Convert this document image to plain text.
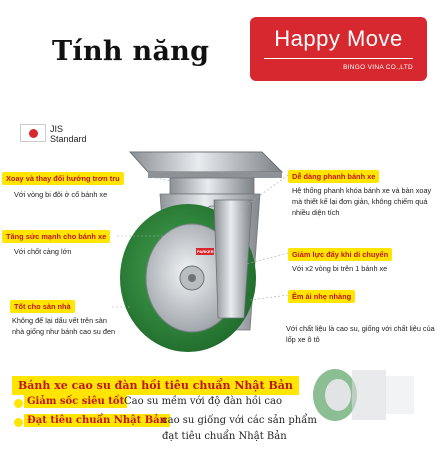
Tính năng	Happy Move
BINGO VINA CO.,LTD
JIS
Standard
PARKER
Xoay và thay đổi hướng trơn tru
Với vòng bi đôi ở cổ bánh xe
Tăng sức mạnh cho bánh xe
Với chốt càng lớn
Tốt cho sàn nhà
Không để lại dấu vết trên sàn nhà giống như bánh cao su đen
Dễ dàng phanh bánh xe
Hệ thống phanh khóa bánh xe và bàn xoay mà thiết kế lại đơn giản, không chiếm quá nhiều diện tích
Giảm lực đẩy khi di chuyển
Với x2 vòng bi trên 1 bánh xe
Êm ái nhẹ nhàng
Với chất liệu là cao su, giống với chất liệu của lốp xe ô tô
Bánh xe cao su đàn hồi tiêu chuẩn Nhật Bản
Giảm sốc siêu tốt Cao su mềm với độ đàn hồi cao
Đạt tiêu chuẩn Nhật Bản
cao su giống với các sản phẩm
đạt tiêu chuẩn Nhật Bản
